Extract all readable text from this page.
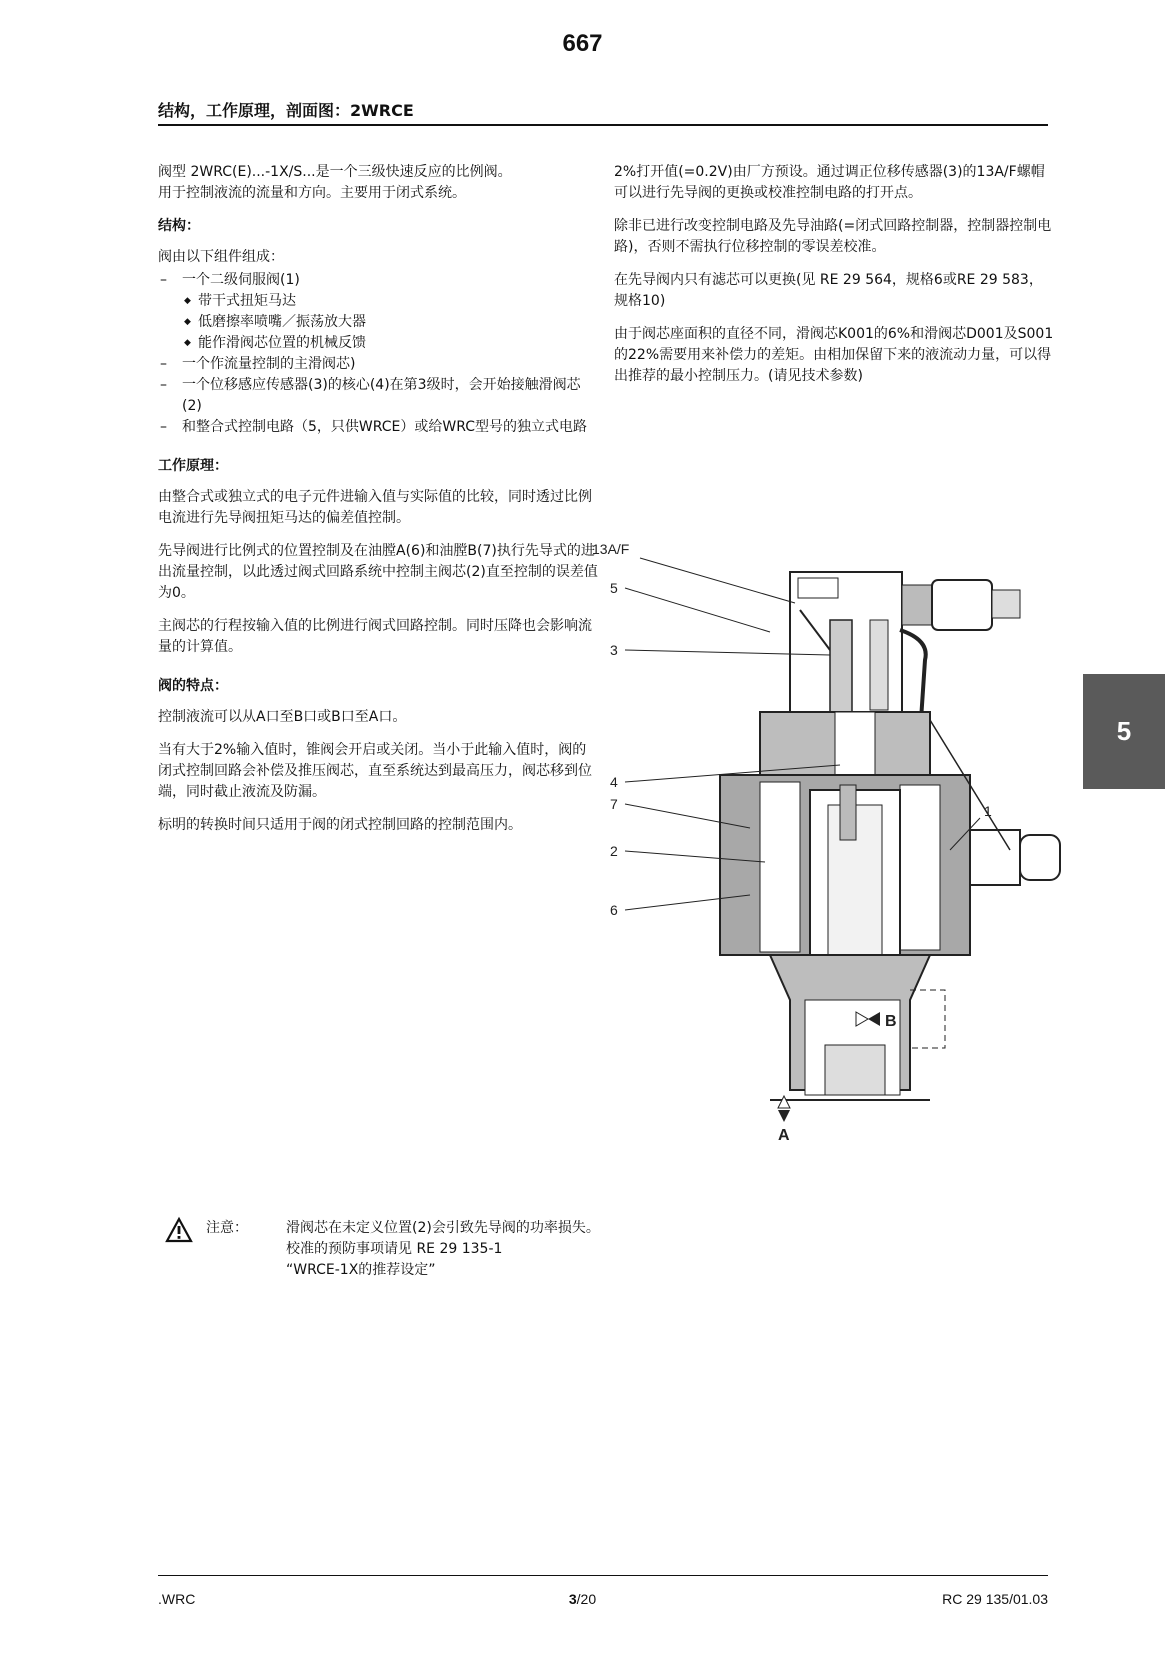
667
结构，工作原理，剖面图：2WRCE

阀型 2WRC(E)...-1X/S...是一个三级快速反应的比例阀。
用于控制液流的流量和方向。主要用于闭式系统。

结构：

阀由以下组件组成：

– 一个二级伺服阀(1)
◆ 带干式扭矩马达
◆ 低磨擦率喷嘴／振荡放大器
◆ 能作滑阀芯位置的机械反馈
– 一个作流量控制的主滑阀芯)
– 一个位移感应传感器(3)的核心(4)在第3级时，会开始接触滑阀芯(2)
– 和整合式控制电路（5，只供WRCE）或给WRC型号的独立式电路
工作原理：

由整合式或独立式的电子元件进输入值与实际值的比较，同时透过比例电流进行先导阀扭矩马达的偏差值控制。

先导阀进行比例式的位置控制及在油膛A(6)和油膛B(7)执行先导式的进出流量控制，以此透过阀式回路系统中控制主阀芯(2)直至控制的误差值为0。

主阀芯的行程按输入值的比例进行阀式回路控制。同时压降也会影响流量的计算值。

阀的特点：

控制液流可以从A口至B口或B口至A口。

当有大于2%输入值时，锥阀会开启或关闭。当小于此输入值时，阀的闭式控制回路会补偿及推压阀芯，直至系统达到最高压力，阀芯移到位端，同时截止液流及防漏。

标明的转换时间只适用于阀的闭式控制回路的控制范围内。

2%打开值(=0.2V)由厂方预设。通过调正位移传感器(3)的13A/F螺帽可以进行先导阀的更换或校准控制电路的打开点。

除非已进行改变控制电路及先导油路(=闭式回路控制器，控制器控制电路)，否则不需执行位移控制的零误差校准。

在先导阀内只有滤芯可以更换(见 RE 29 564，规格6或RE 29 583，规格10)

由于阀芯座面积的直径不同，滑阀芯K001的6%和滑阀芯D001及S001的22%需要用来补偿力的差矩。由相加保留下来的液流动力量，可以得出推荐的最小控制压力。(请见技术参数)

5
13A/F
5
3
4
7
2
6
1
A
B
注意：	滑阀芯在未定义位置(2)会引致先导阀的功率损失。

校准的预防事项请见 RE 29 135-1

“WRCE-1X的推荐设定”

.WRC	3/20	RC 29 135/01.03
